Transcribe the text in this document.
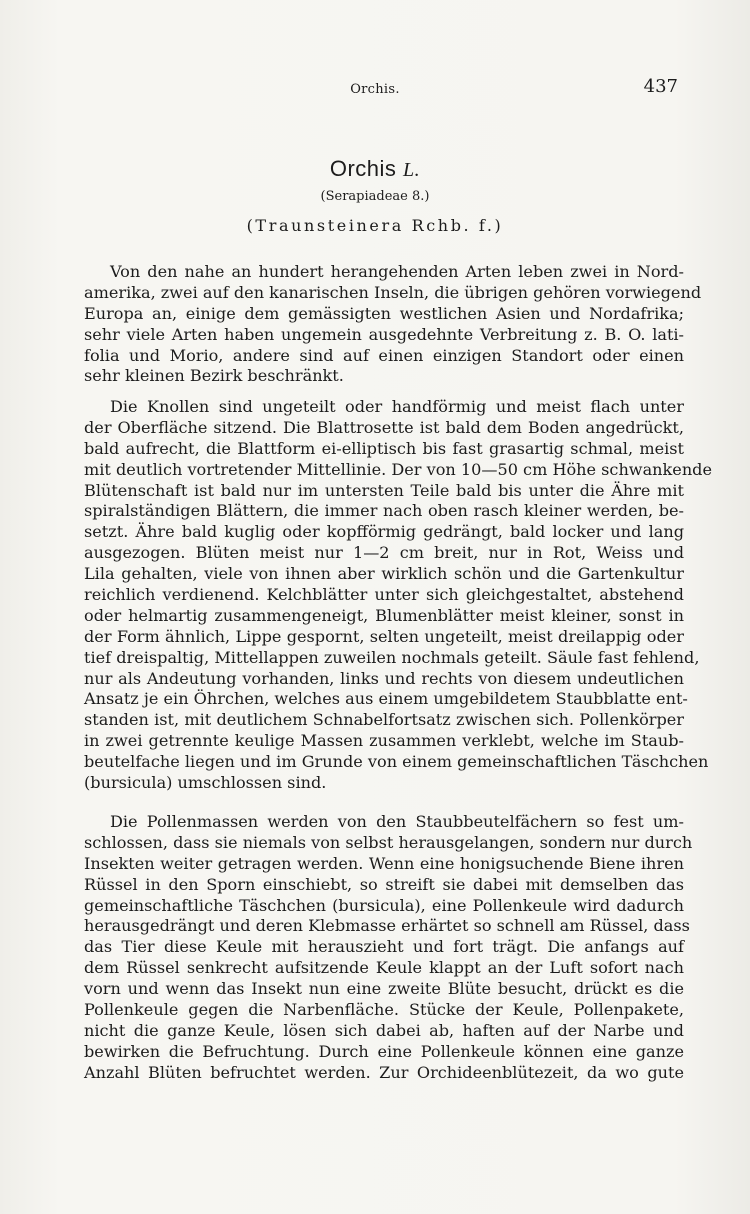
Orchis.	437
Orchis L.
(Serapiadeae 8.)
(Traunsteinera Rchb. f.)
Von den nahe an hundert herangehenden Arten leben zwei in Nord-
amerika, zwei auf den kanarischen Inseln, die übrigen gehören vorwiegend
Europa an, einige dem gemässigten westlichen Asien und Nordafrika;
sehr viele Arten haben ungemein ausgedehnte Verbreitung z. B. O. lati-
folia und Morio, andere sind auf einen einzigen Standort oder einen
sehr kleinen Bezirk beschränkt.
Die Knollen sind ungeteilt oder handförmig und meist flach unter
der Oberfläche sitzend. Die Blattrosette ist bald dem Boden angedrückt,
bald aufrecht, die Blattform ei-elliptisch bis fast grasartig schmal, meist
mit deutlich vortretender Mittellinie. Der von 10—50 cm Höhe schwankende
Blütenschaft ist bald nur im untersten Teile bald bis unter die Ähre mit
spiralständigen Blättern, die immer nach oben rasch kleiner werden, be-
setzt. Ähre bald kuglig oder kopfförmig gedrängt, bald locker und lang
ausgezogen. Blüten meist nur 1—2 cm breit, nur in Rot, Weiss und
Lila gehalten, viele von ihnen aber wirklich schön und die Gartenkultur
reichlich verdienend. Kelchblätter unter sich gleichgestaltet, abstehend
oder helmartig zusammengeneigt, Blumenblätter meist kleiner, sonst in
der Form ähnlich, Lippe gespornt, selten ungeteilt, meist dreilappig oder
tief dreispaltig, Mittellappen zuweilen nochmals geteilt. Säule fast fehlend,
nur als Andeutung vorhanden, links und rechts von diesem undeutlichen
Ansatz je ein Öhrchen, welches aus einem umgebildetem Staubblatte ent-
standen ist, mit deutlichem Schnabelfortsatz zwischen sich. Pollenkörper
in zwei getrennte keulige Massen zusammen verklebt, welche im Staub-
beutelfache liegen und im Grunde von einem gemeinschaftlichen Täschchen
(bursicula) umschlossen sind.
Die Pollenmassen werden von den Staubbeutelfächern so fest um-
schlossen, dass sie niemals von selbst herausgelangen, sondern nur durch
Insekten weiter getragen werden. Wenn eine honigsuchende Biene ihren
Rüssel in den Sporn einschiebt, so streift sie dabei mit demselben das
gemeinschaftliche Täschchen (bursicula), eine Pollenkeule wird dadurch
herausgedrängt und deren Klebmasse erhärtet so schnell am Rüssel, dass
das Tier diese Keule mit herauszieht und fort trägt. Die anfangs auf
dem Rüssel senkrecht aufsitzende Keule klappt an der Luft sofort nach
vorn und wenn das Insekt nun eine zweite Blüte besucht, drückt es die
Pollenkeule gegen die Narbenfläche. Stücke der Keule, Pollenpakete,
nicht die ganze Keule, lösen sich dabei ab, haften auf der Narbe und
bewirken die Befruchtung. Durch eine Pollenkeule können eine ganze
Anzahl Blüten befruchtet werden. Zur Orchideenblütezeit, da wo gute
